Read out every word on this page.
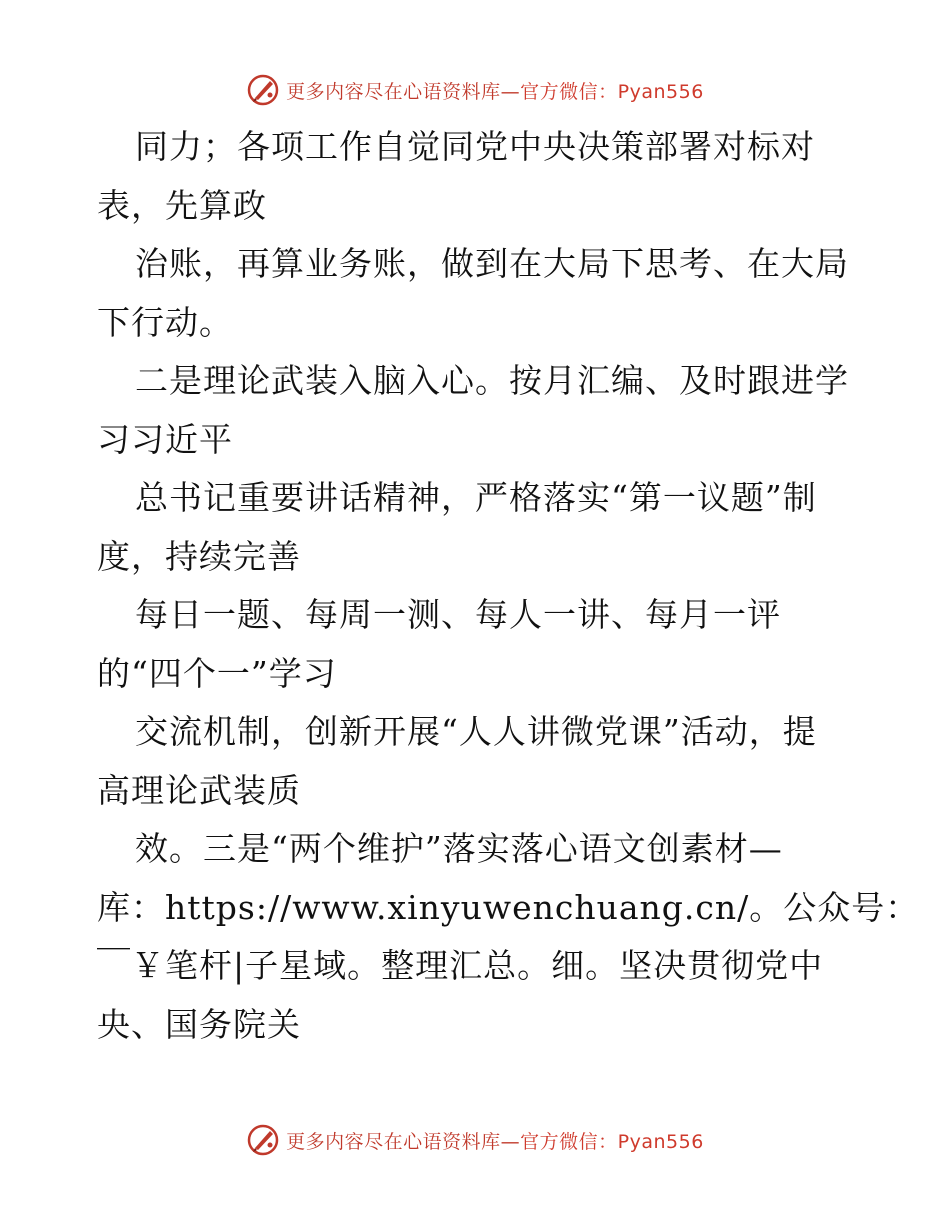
更多内容尽在心语资料库—官方微信：Pyan556
同力；各项工作自觉同党中央决策部署对标对
表，先算政
治账，再算业务账，做到在大局下思考、在大局
下行动。
二是理论武装入脑入心。按月汇编、及时跟进学
习习近平
总书记重要讲话精神，严格落实“第一议题”制
度，持续完善
每日一题、每周一测、每人一讲、每月一评
的“四个一”学习
交流机制，创新开展“人人讲微党课”活动，提
高理论武装质
效。三是“两个维护”落实落心语文创素材—
库：https://www.xinyuwenchuang.cn/。公众号：
￣￥笔杆|子星域。整理汇总。细。坚决贯彻党中
央、国务院关
更多内容尽在心语资料库—官方微信：Pyan556
